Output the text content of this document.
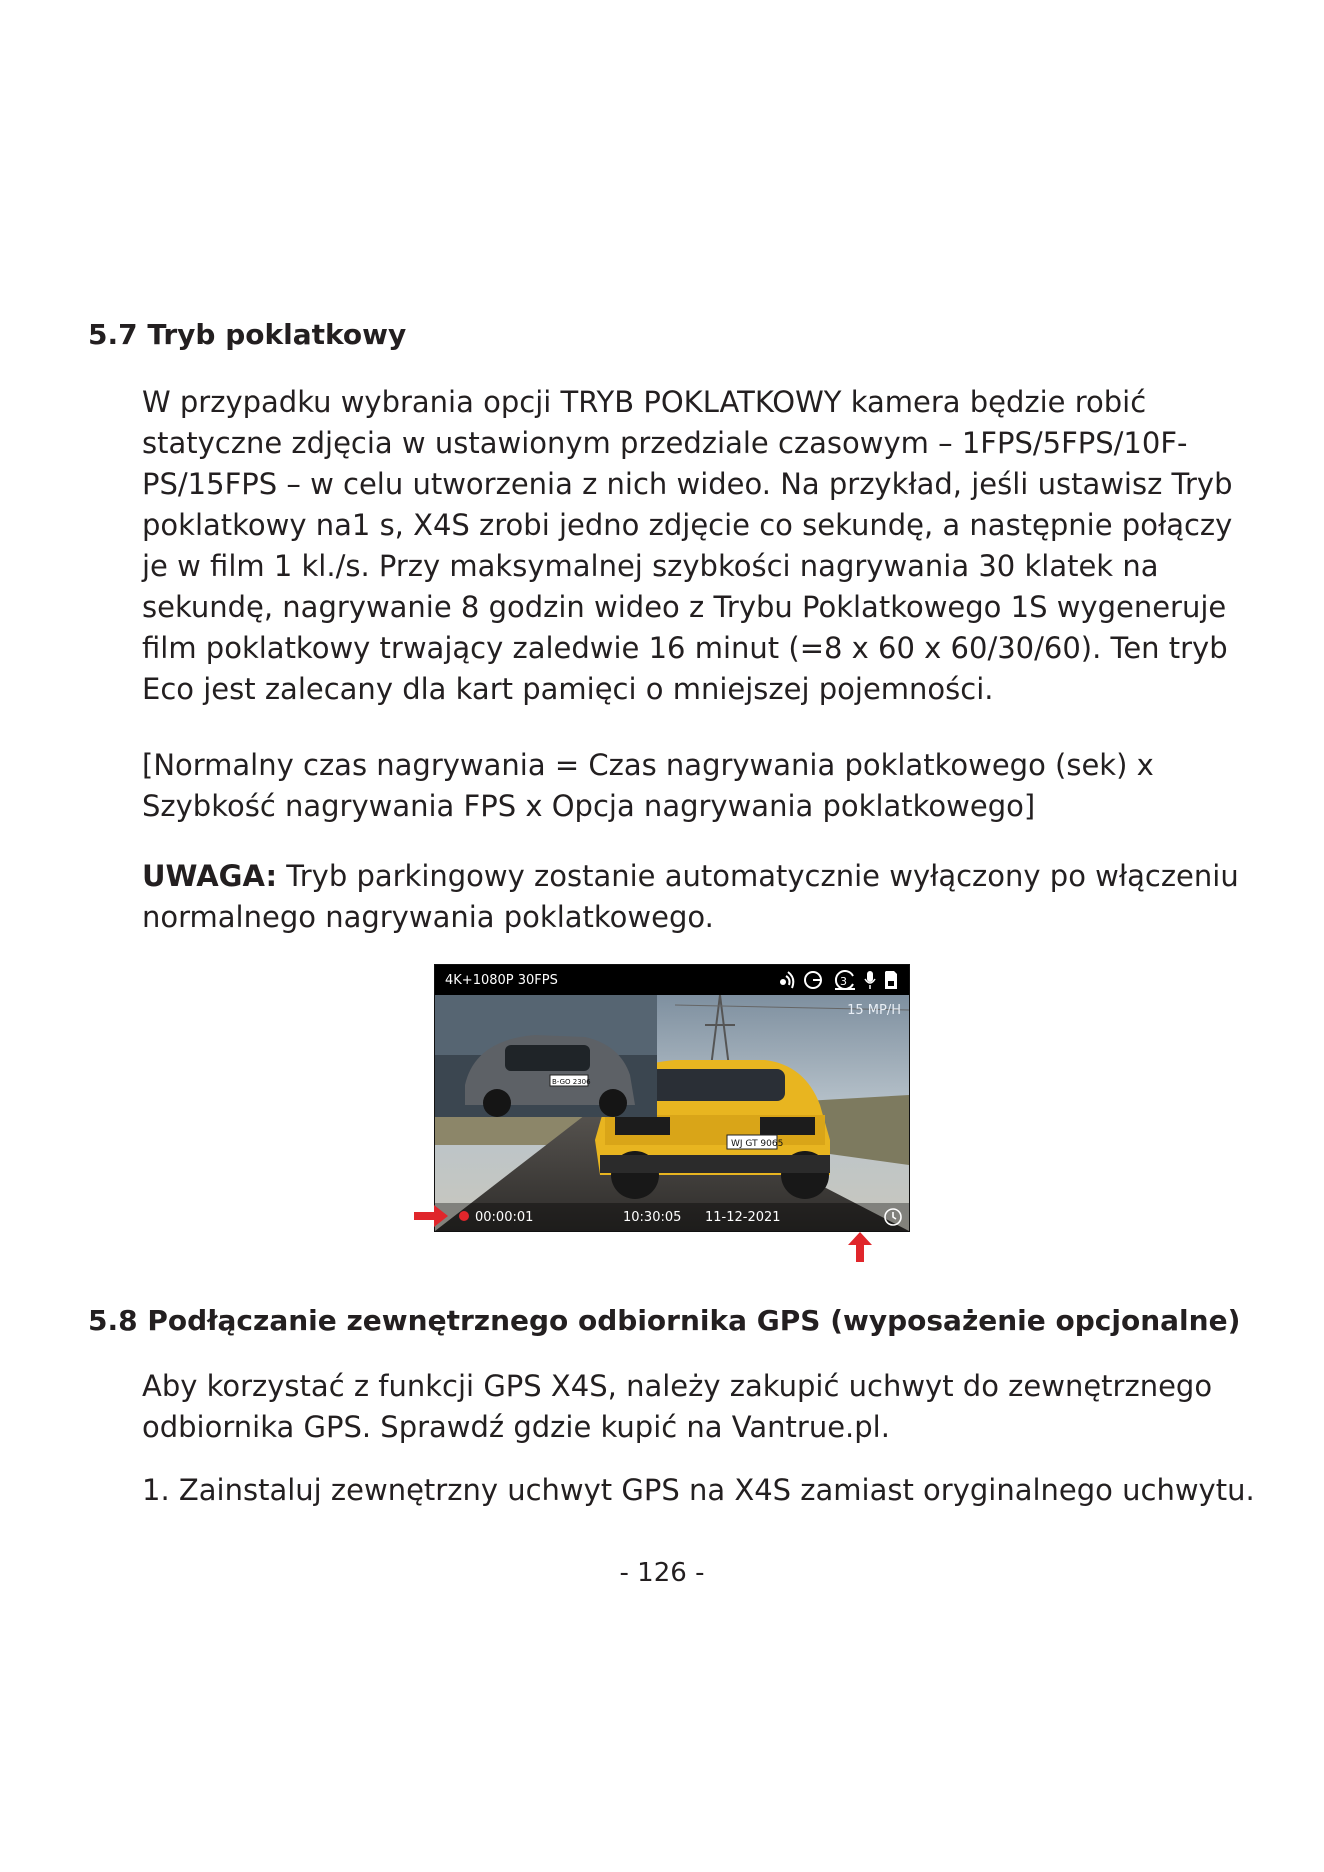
5.7 Tryb poklatkowy

W przypadku wybrania opcji TRYB POKLATKOWY kamera będzie robić
statyczne zdjęcia w ustawionym przedziale czasowym – 1FPS/5FPS/10F-
PS/15FPS – w celu utworzenia z nich wideo. Na przykład, jeśli ustawisz Tryb
poklatkowy na1 s, X4S zrobi jedno zdjęcie co sekundę, a następnie połączy
je w film 1 kl./s. Przy maksymalnej szybkości nagrywania 30 klatek na
sekundę, nagrywanie 8 godzin wideo z Trybu Poklatkowego 1S wygeneruje
film poklatkowy trwający zaledwie 16 minut (=8 x 60 x 60/30/60). Ten tryb
Eco jest zalecany dla kart pamięci o mniejszej pojemności.

[Normalny czas nagrywania = Czas nagrywania poklatkowego (sek) x
Szybkość nagrywania FPS x Opcja nagrywania poklatkowego]

UWAGA: Tryb parkingowy zostanie automatycznie wyłączony po włączeniu
normalnego nagrywania poklatkowego.

WJ GT 9065
B-GO 2306
4K+1080P 30FPS	3
15 MP/H
00:00:01	10:30:05 11-12-2021
5.8 Podłączanie zewnętrznego odbiornika GPS (wyposażenie opcjonalne)

Aby korzystać z funkcji GPS X4S, należy zakupić uchwyt do zewnętrznego
odbiornika GPS. Sprawdź gdzie kupić na Vantrue.pl.

1. Zainstaluj zewnętrzny uchwyt GPS na X4S zamiast oryginalnego uchwytu.

- 126 -
